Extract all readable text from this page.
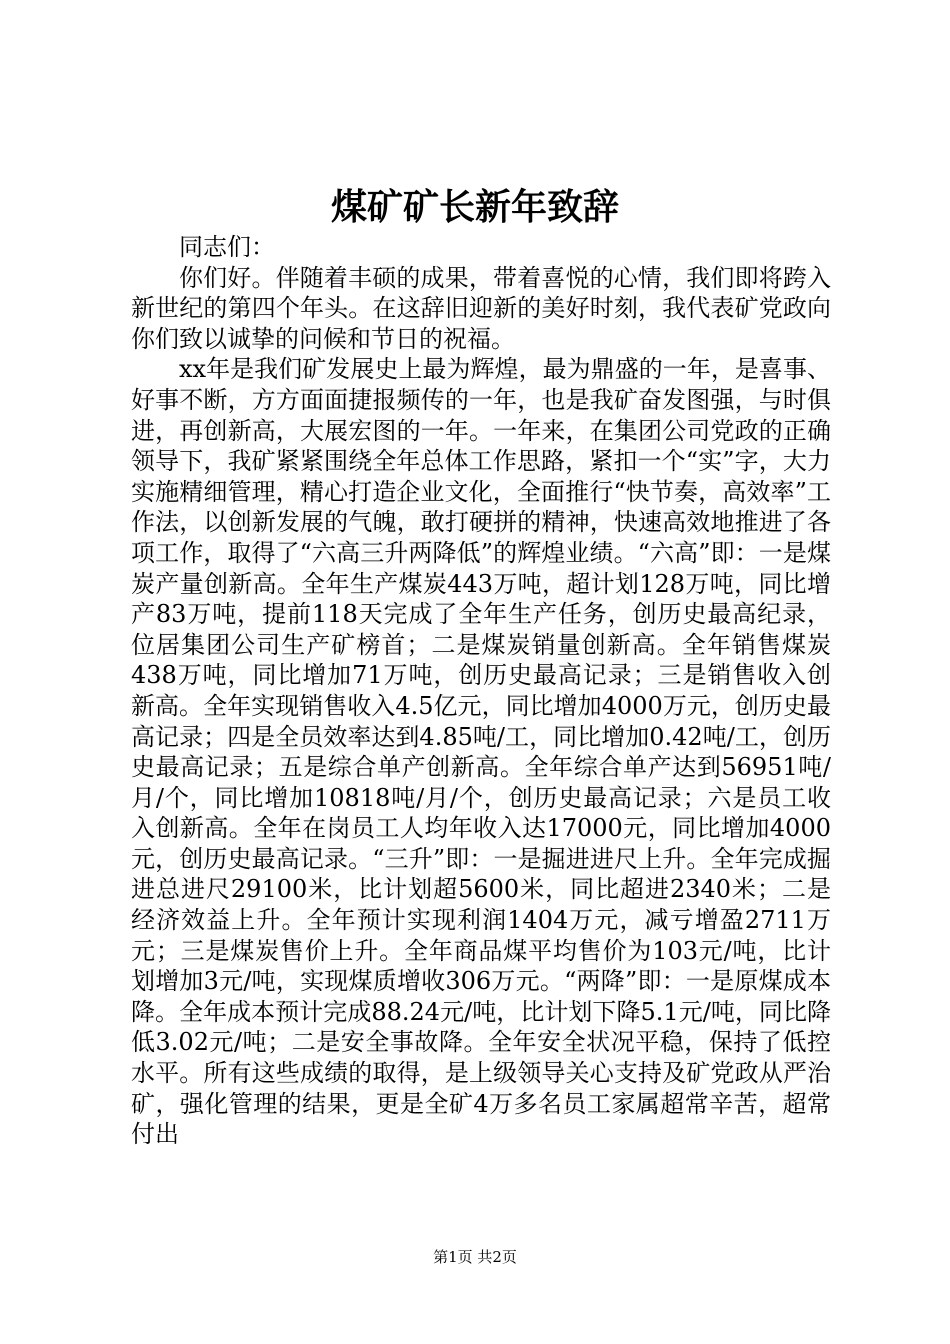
煤矿矿长新年致辞

同志们：

你们好。伴随着丰硕的成果，带着喜悦的心情，我们即将跨入新世纪的第四个年头。在这辞旧迎新的美好时刻，我代表矿党政向你们致以诚挚的问候和节日的祝福。

xx年是我们矿发展史上最为辉煌，最为鼎盛的一年，是喜事、好事不断，方方面面捷报频传的一年，也是我矿奋发图强，与时俱进，再创新高，大展宏图的一年。一年来，在集团公司党政的正确领导下，我矿紧紧围绕全年总体工作思路，紧扣一个“实”字，大力实施精细管理，精心打造企业文化，全面推行“快节奏，高效率”工作法，以创新发展的气魄，敢打硬拼的精神，快速高效地推进了各项工作，取得了“六高三升两降低”的辉煌业绩。“六高”即：一是煤炭产量创新高。全年生产煤炭443万吨，超计划128万吨，同比增产83万吨，提前118天完成了全年生产任务，创历史最高纪录，位居集团公司生产矿榜首；二是煤炭销量创新高。全年销售煤炭438万吨，同比增加71万吨，创历史最高记录；三是销售收入创新高。全年实现销售收入4.5亿元，同比增加4000万元，创历史最高记录；四是全员效率达到4.85吨/工，同比增加0.42吨/工，创历史最高记录；五是综合单产创新高。全年综合单产达到56951吨/月/个，同比增加10818吨/月/个，创历史最高记录；六是员工收入创新高。全年在岗员工人均年收入达17000元，同比增加4000元，创历史最高记录。“三升”即：一是掘进进尺上升。全年完成掘进总进尺29100米，比计划超5600米，同比超进2340米；二是经济效益上升。全年预计实现利润1404万元，减亏增盈2711万元；三是煤炭售价上升。全年商品煤平均售价为103元/吨，比计划增加3元/吨，实现煤质增收306万元。“两降”即：一是原煤成本降。全年成本预计完成88.24元/吨，比计划下降5.1元/吨，同比降低3.02元/吨；二是安全事故降。全年安全状况平稳，保持了低控水平。所有这些成绩的取得，是上级领导关心支持及矿党政从严治矿，强化管理的结果，更是全矿4万多名员工家属超常辛苦，超常付出

第1页 共2页
